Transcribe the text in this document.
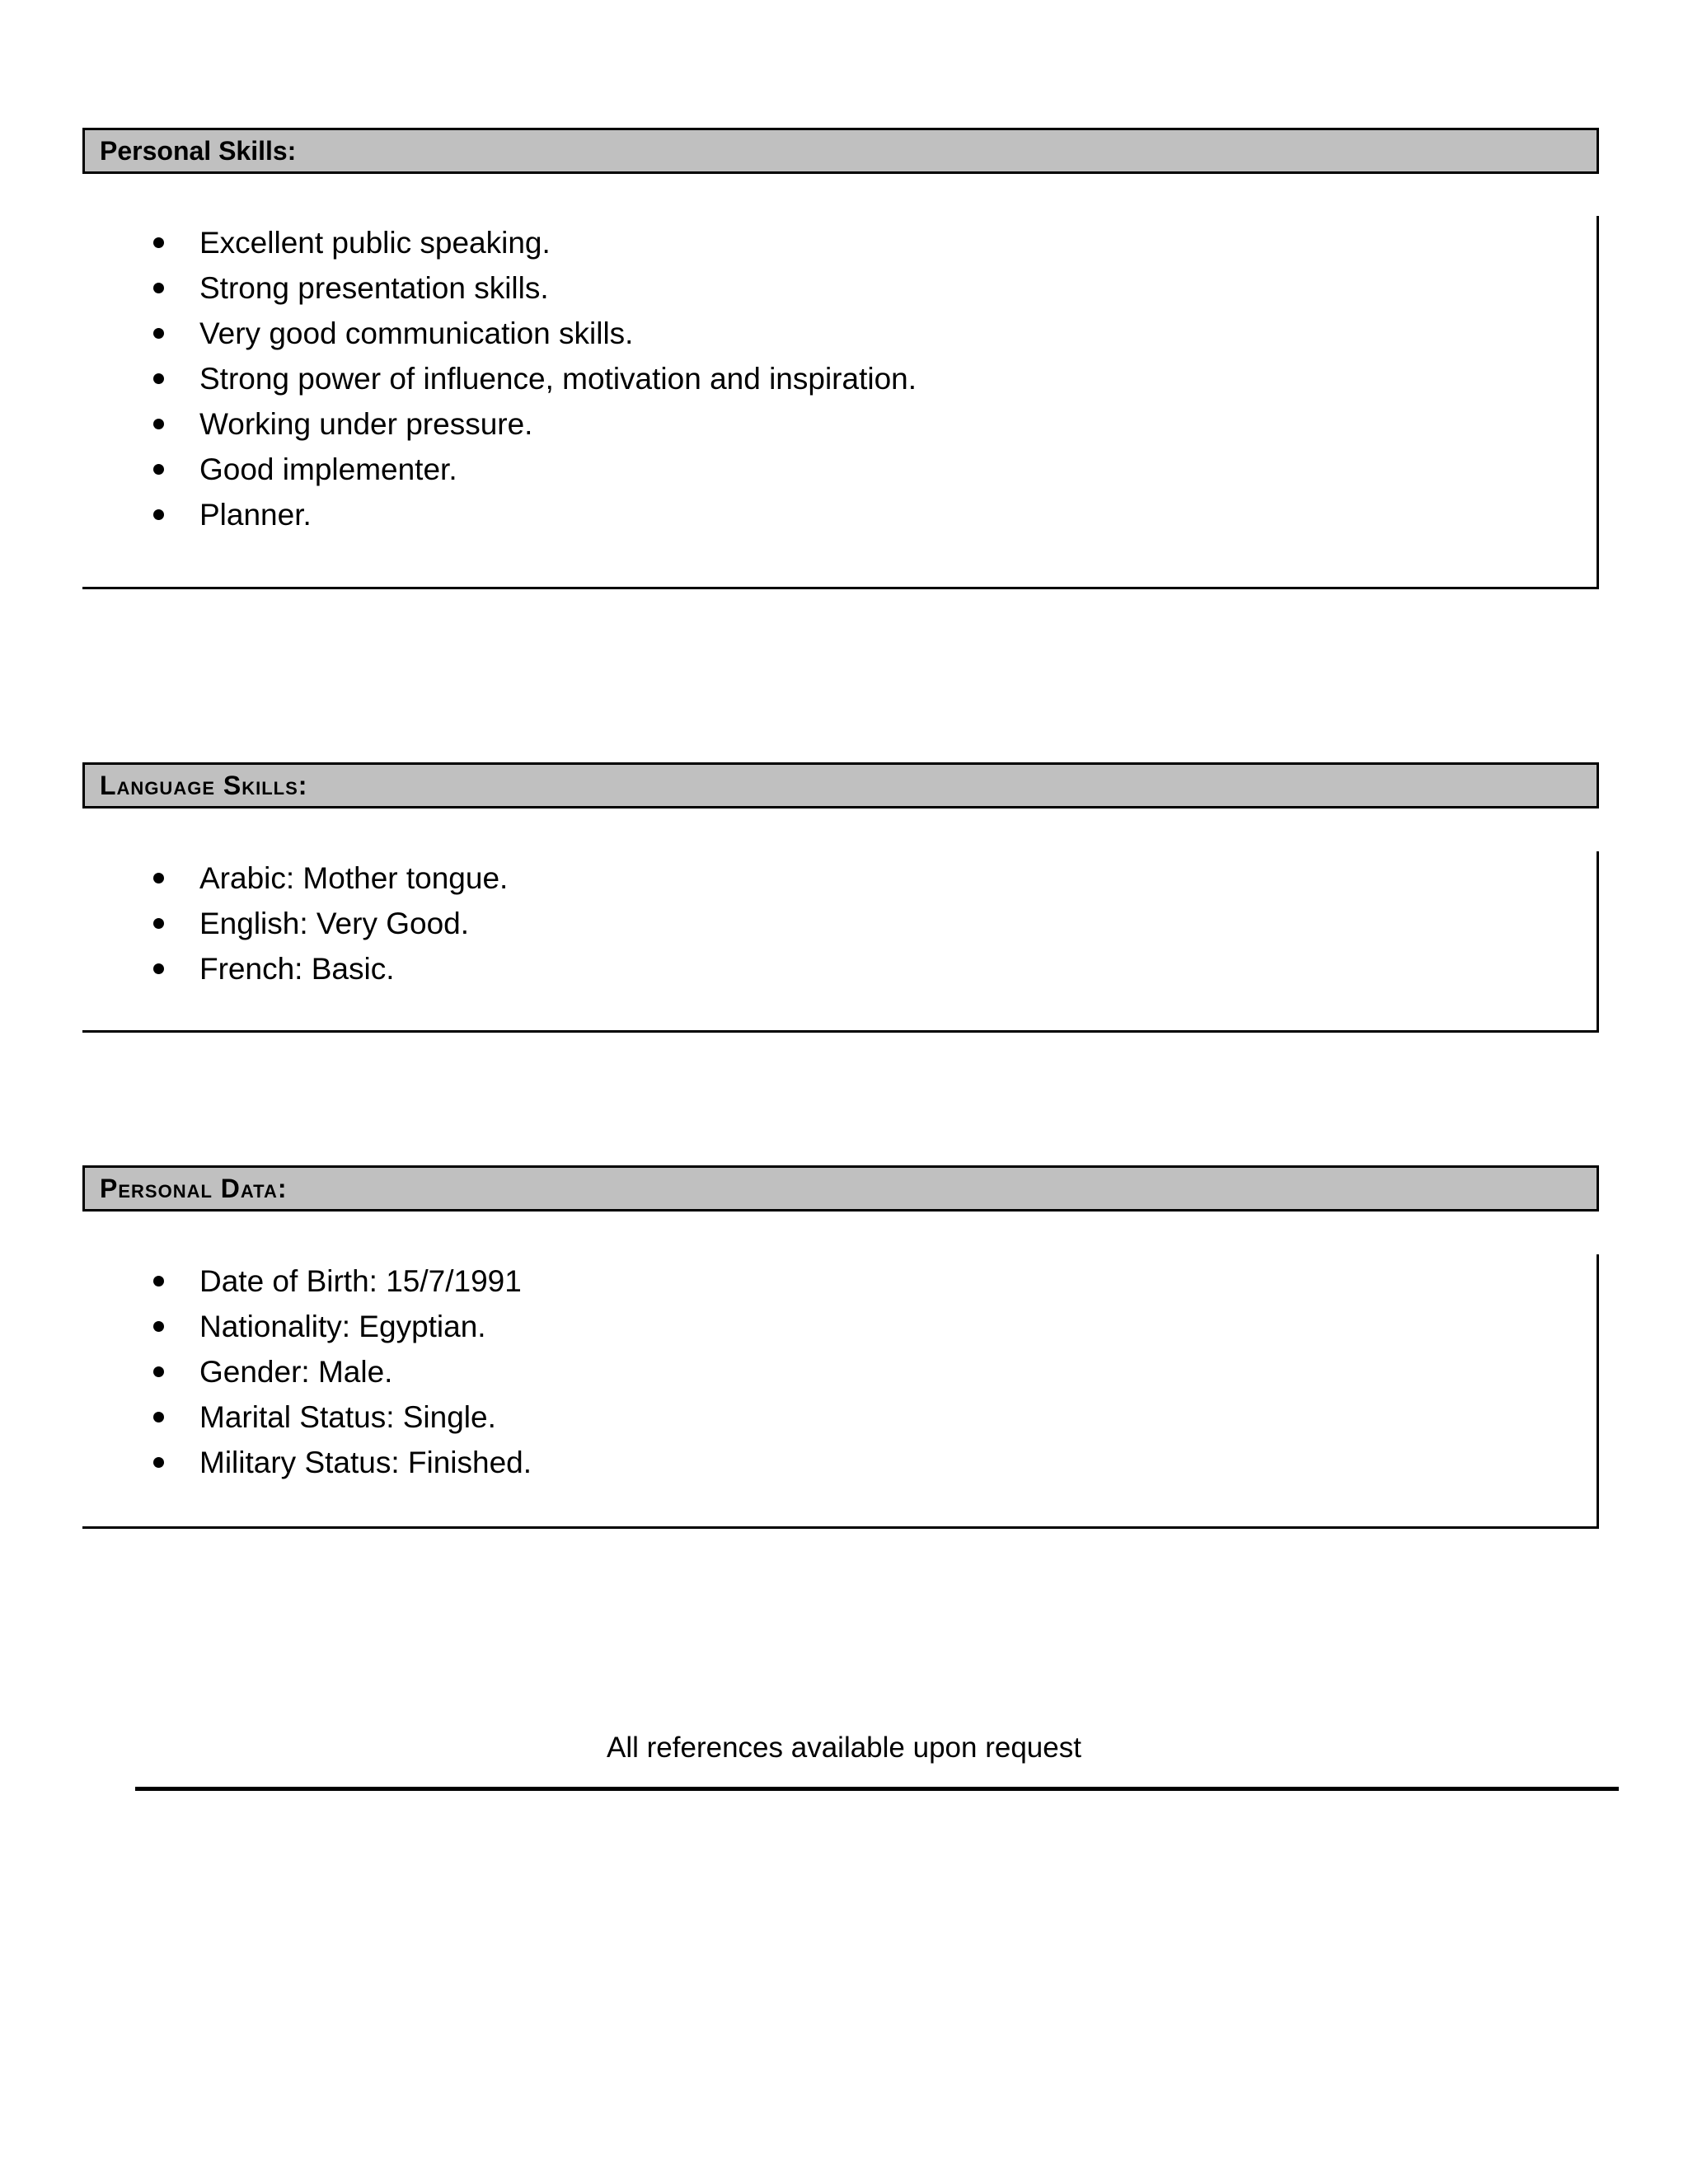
Personal Skills:
Excellent public speaking.
Strong presentation skills.
Very good communication skills.
Strong power of influence, motivation and inspiration.
Working under pressure.
Good implementer.
Planner.
Language Skills:
Arabic: Mother tongue.
English: Very Good.
French: Basic.
Personal Data:
Date of Birth: 15/7/1991
Nationality: Egyptian.
Gender: Male.
Marital Status: Single.
Military Status: Finished.
All references available upon request
